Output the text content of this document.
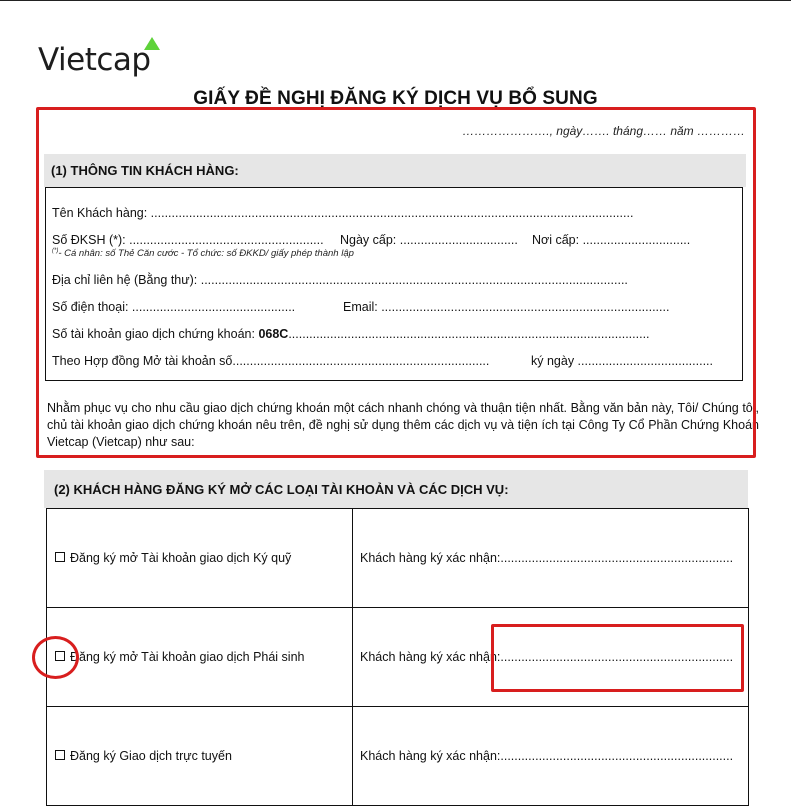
Vietcap
GIẤY ĐỀ NGHỊ ĐĂNG KÝ DỊCH VỤ BỔ SUNG
…………………., ngày……. tháng…… năm …………
(1) THÔNG TIN KHÁCH HÀNG:
Tên Khách hàng: ...........................................................................................................................................
Số ĐKSH (*): ........................................................ Ngày cấp: .................................. Nơi cấp: ...............................
(*)- Cá nhân: số Thẻ Căn cước - Tổ chức: số ĐKKD/ giấy phép thành lập
Địa chỉ liên hệ (Bằng thư): ...........................................................................................................................
Số điện thoại: ...............................................	Email: ...................................................................................
Số tài khoản giao dịch chứng khoán: 068C........................................................................................................
Theo Hợp đồng Mở tài khoản số..........................................................................	ký ngày .......................................
Nhằm phục vụ cho nhu cầu giao dịch chứng khoán một cách nhanh chóng và thuận tiện nhất. Bằng văn bản này, Tôi/ Chúng tôi, chủ tài khoản giao dịch chứng khoán nêu trên, đề nghị sử dụng thêm các dịch vụ và tiện ích tại Công Ty Cổ Phần Chứng Khoán Vietcap (Vietcap) như sau:
(2) KHÁCH HÀNG ĐĂNG KÝ MỞ CÁC LOẠI TÀI KHOẢN VÀ CÁC DỊCH VỤ:
Đăng ký mở Tài khoản giao dịch Ký quỹ	Khách hàng ký xác nhận:...................................................................
Đăng ký mở Tài khoản giao dịch Phái sinh	Khách hàng ký xác nhận:...................................................................
Đăng ký Giao dịch trực tuyến	Khách hàng ký xác nhận:...................................................................
